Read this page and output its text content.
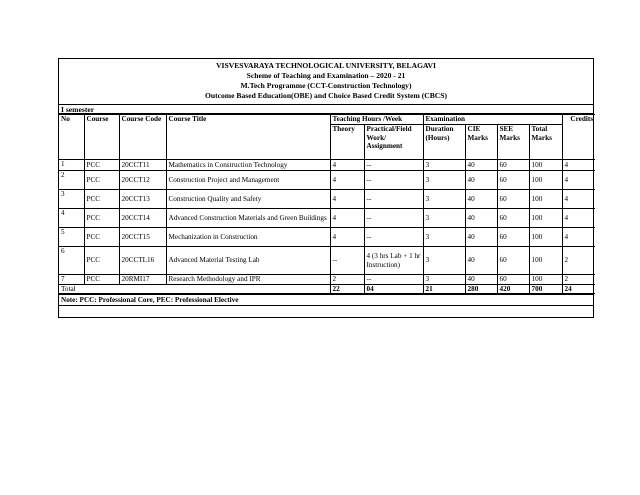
VISVESVARAYA TECHNOLOGICAL UNIVERSITY, BELAGAVI
Scheme of Teaching and Examination – 2020 - 21
M.Tech Programme (CCT-Construction Technology)
Outcome Based Education(OBE) and Choice Based Credit System (CBCS)
I semester
No	Course	Course Code	Course Title	Teaching Hours /Week		Examination				Credits
				Theory	Practical/Field Work/ Assignment	Duration (Hours)	CIE Marks	SEE Marks	Total Marks	
1	PCC	20CCT11	Mathematics in Construction Technology	4	--	3	40	60	100	4
2	PCC	20CCT12	Construction Project and Management	4	--	3	40	60	100	4
3	PCC	20CCT13	Construction Quality and Safety	4	--	3	40	60	100	4
4	PCC	20CCT14	Advanced Construction Materials and Green Buildings	4	--	3	40	60	100	4
5	PCC	20CCT15	Mechanization in Construction	4	--	3	40	60	100	4
6	PCC	20CCTL16	Advanced Material Testing Lab	--	4 (3 hrs Lab + 1 hr Instruction)	3	40	60	100	2
7	PCC	20RMI17	Research Methodology and IPR	2	--	3	40	60	100	2
Total				22	04	21	280	420	700	24
Note: PCC: Professional Core, PEC: Professional Elective
